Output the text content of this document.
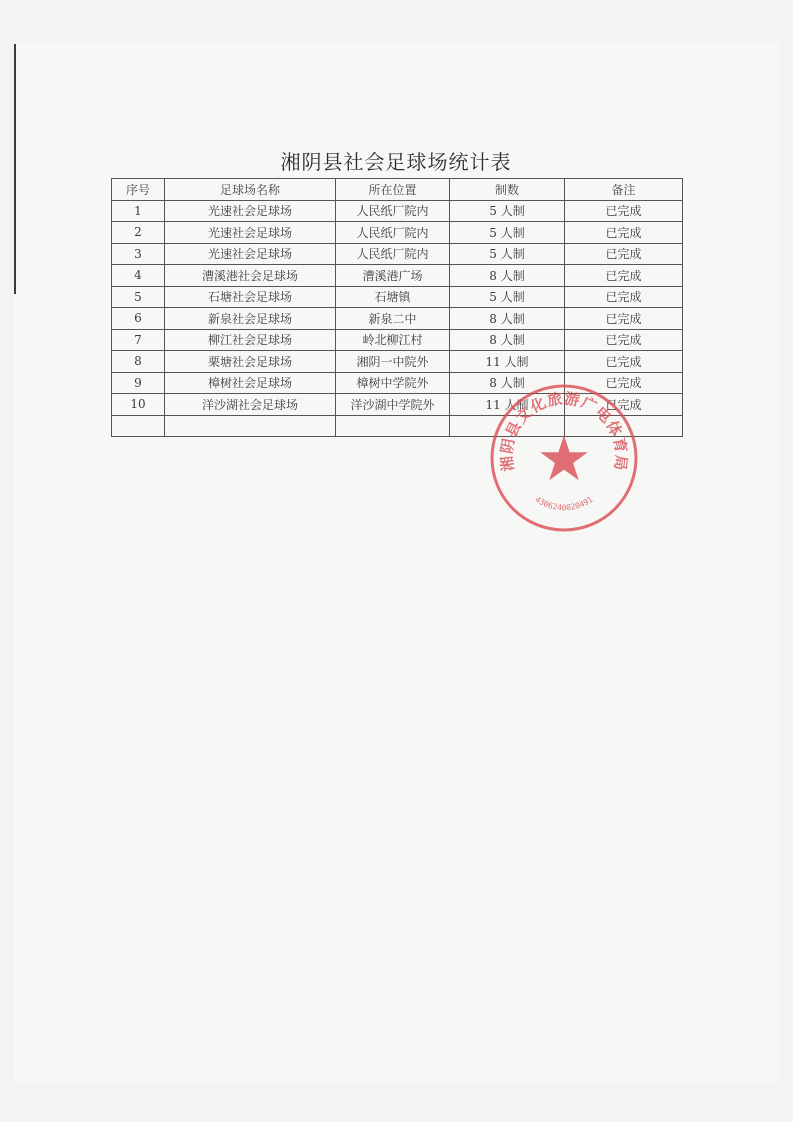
湘阴县社会足球场统计表
序号	足球场名称	所在位置	制数	备注
1	光速社会足球场	人民纸厂院内	5 人制	已完成
2	光速社会足球场	人民纸厂院内	5 人制	已完成
3	光速社会足球场	人民纸厂院内	5 人制	已完成
4	漕溪港社会足球场	漕溪港广场	8 人制	已完成
5	石塘社会足球场	石塘镇	5 人制	已完成
6	新泉社会足球场	新泉二中	8 人制	已完成
7	柳江社会足球场	岭北柳江村	8 人制	已完成
8	栗塘社会足球场	湘阴一中院外	11 人制	已完成
9	樟树社会足球场	樟树中学院外	8 人制	已完成
10	洋沙湖社会足球场	洋沙湖中学院外	11 人制	已完成

湘阴县文化旅游广电体育局
4306240020491
